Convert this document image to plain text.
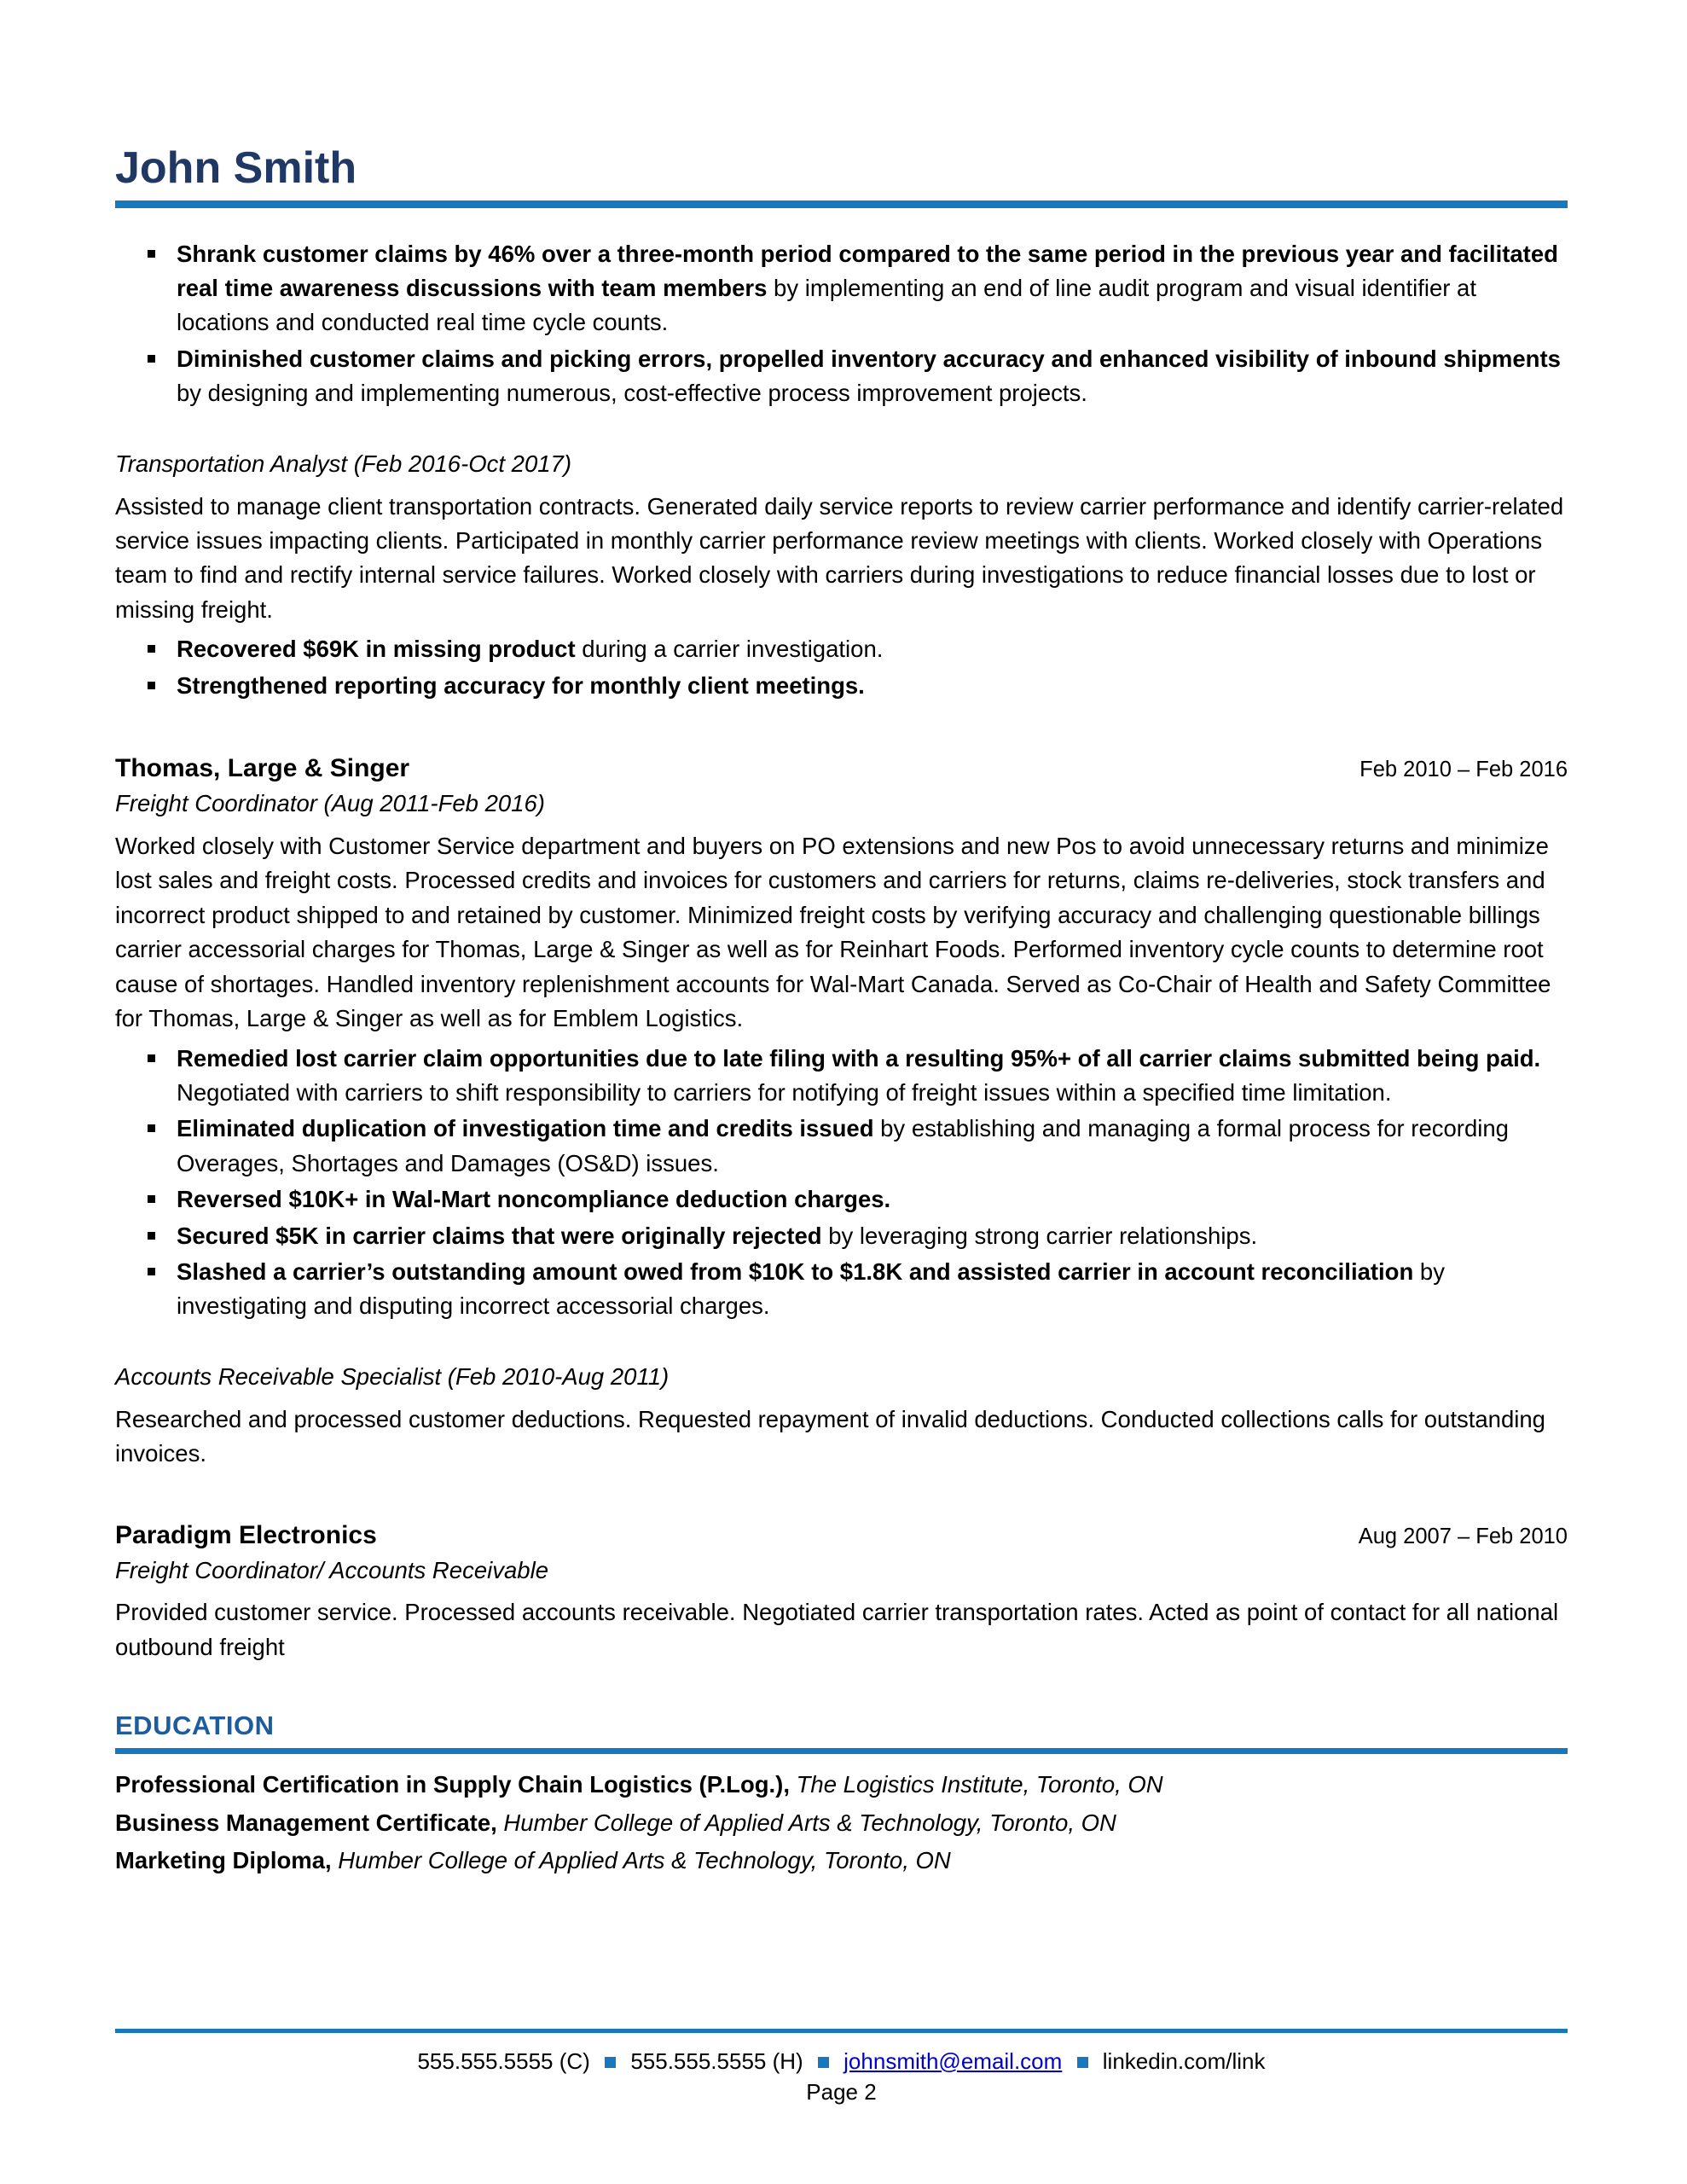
John Smith
Shrank customer claims by 46% over a three-month period compared to the same period in the previous year and facilitated real time awareness discussions with team members by implementing an end of line audit program and visual identifier at locations and conducted real time cycle counts.
Diminished customer claims and picking errors, propelled inventory accuracy and enhanced visibility of inbound shipments by designing and implementing numerous, cost-effective process improvement projects.
Transportation Analyst (Feb 2016-Oct 2017)

Assisted to manage client transportation contracts. Generated daily service reports to review carrier performance and identify carrier-related service issues impacting clients. Participated in monthly carrier performance review meetings with clients. Worked closely with Operations team to find and rectify internal service failures. Worked closely with carriers during investigations to reduce financial losses due to lost or missing freight.

Recovered $69K in missing product during a carrier investigation.
Strengthened reporting accuracy for monthly client meetings.
Thomas, Large & Singer	Feb 2010 – Feb 2016
Freight Coordinator (Aug 2011-Feb 2016)

Worked closely with Customer Service department and buyers on PO extensions and new Pos to avoid unnecessary returns and minimize lost sales and freight costs. Processed credits and invoices for customers and carriers for returns, claims re-deliveries, stock transfers and incorrect product shipped to and retained by customer. Minimized freight costs by verifying accuracy and challenging questionable billings carrier accessorial charges for Thomas, Large & Singer as well as for Reinhart Foods. Performed inventory cycle counts to determine root cause of shortages. Handled inventory replenishment accounts for Wal-Mart Canada. Served as Co-Chair of Health and Safety Committee for Thomas, Large & Singer as well as for Emblem Logistics.

Remedied lost carrier claim opportunities due to late filing with a resulting 95%+ of all carrier claims submitted being paid. Negotiated with carriers to shift responsibility to carriers for notifying of freight issues within a specified time limitation.
Eliminated duplication of investigation time and credits issued by establishing and managing a formal process for recording Overages, Shortages and Damages (OS&D) issues.
Reversed $10K+ in Wal-Mart noncompliance deduction charges.
Secured $5K in carrier claims that were originally rejected by leveraging strong carrier relationships.
Slashed a carrier’s outstanding amount owed from $10K to $1.8K and assisted carrier in account reconciliation by investigating and disputing incorrect accessorial charges.
Accounts Receivable Specialist (Feb 2010-Aug 2011)

Researched and processed customer deductions. Requested repayment of invalid deductions. Conducted collections calls for outstanding invoices.

Paradigm Electronics	Aug 2007 – Feb 2010
Freight Coordinator/ Accounts Receivable

Provided customer service. Processed accounts receivable. Negotiated carrier transportation rates. Acted as point of contact for all national outbound freight

EDUCATION
Professional Certification in Supply Chain Logistics (P.Log.), The Logistics Institute, Toronto, ON
Business Management Certificate, Humber College of Applied Arts & Technology, Toronto, ON
Marketing Diploma, Humber College of Applied Arts & Technology, Toronto, ON
555.555.5555 (C) 555.555.5555 (H) johnsmith@email.com linkedin.com/link
Page 2
